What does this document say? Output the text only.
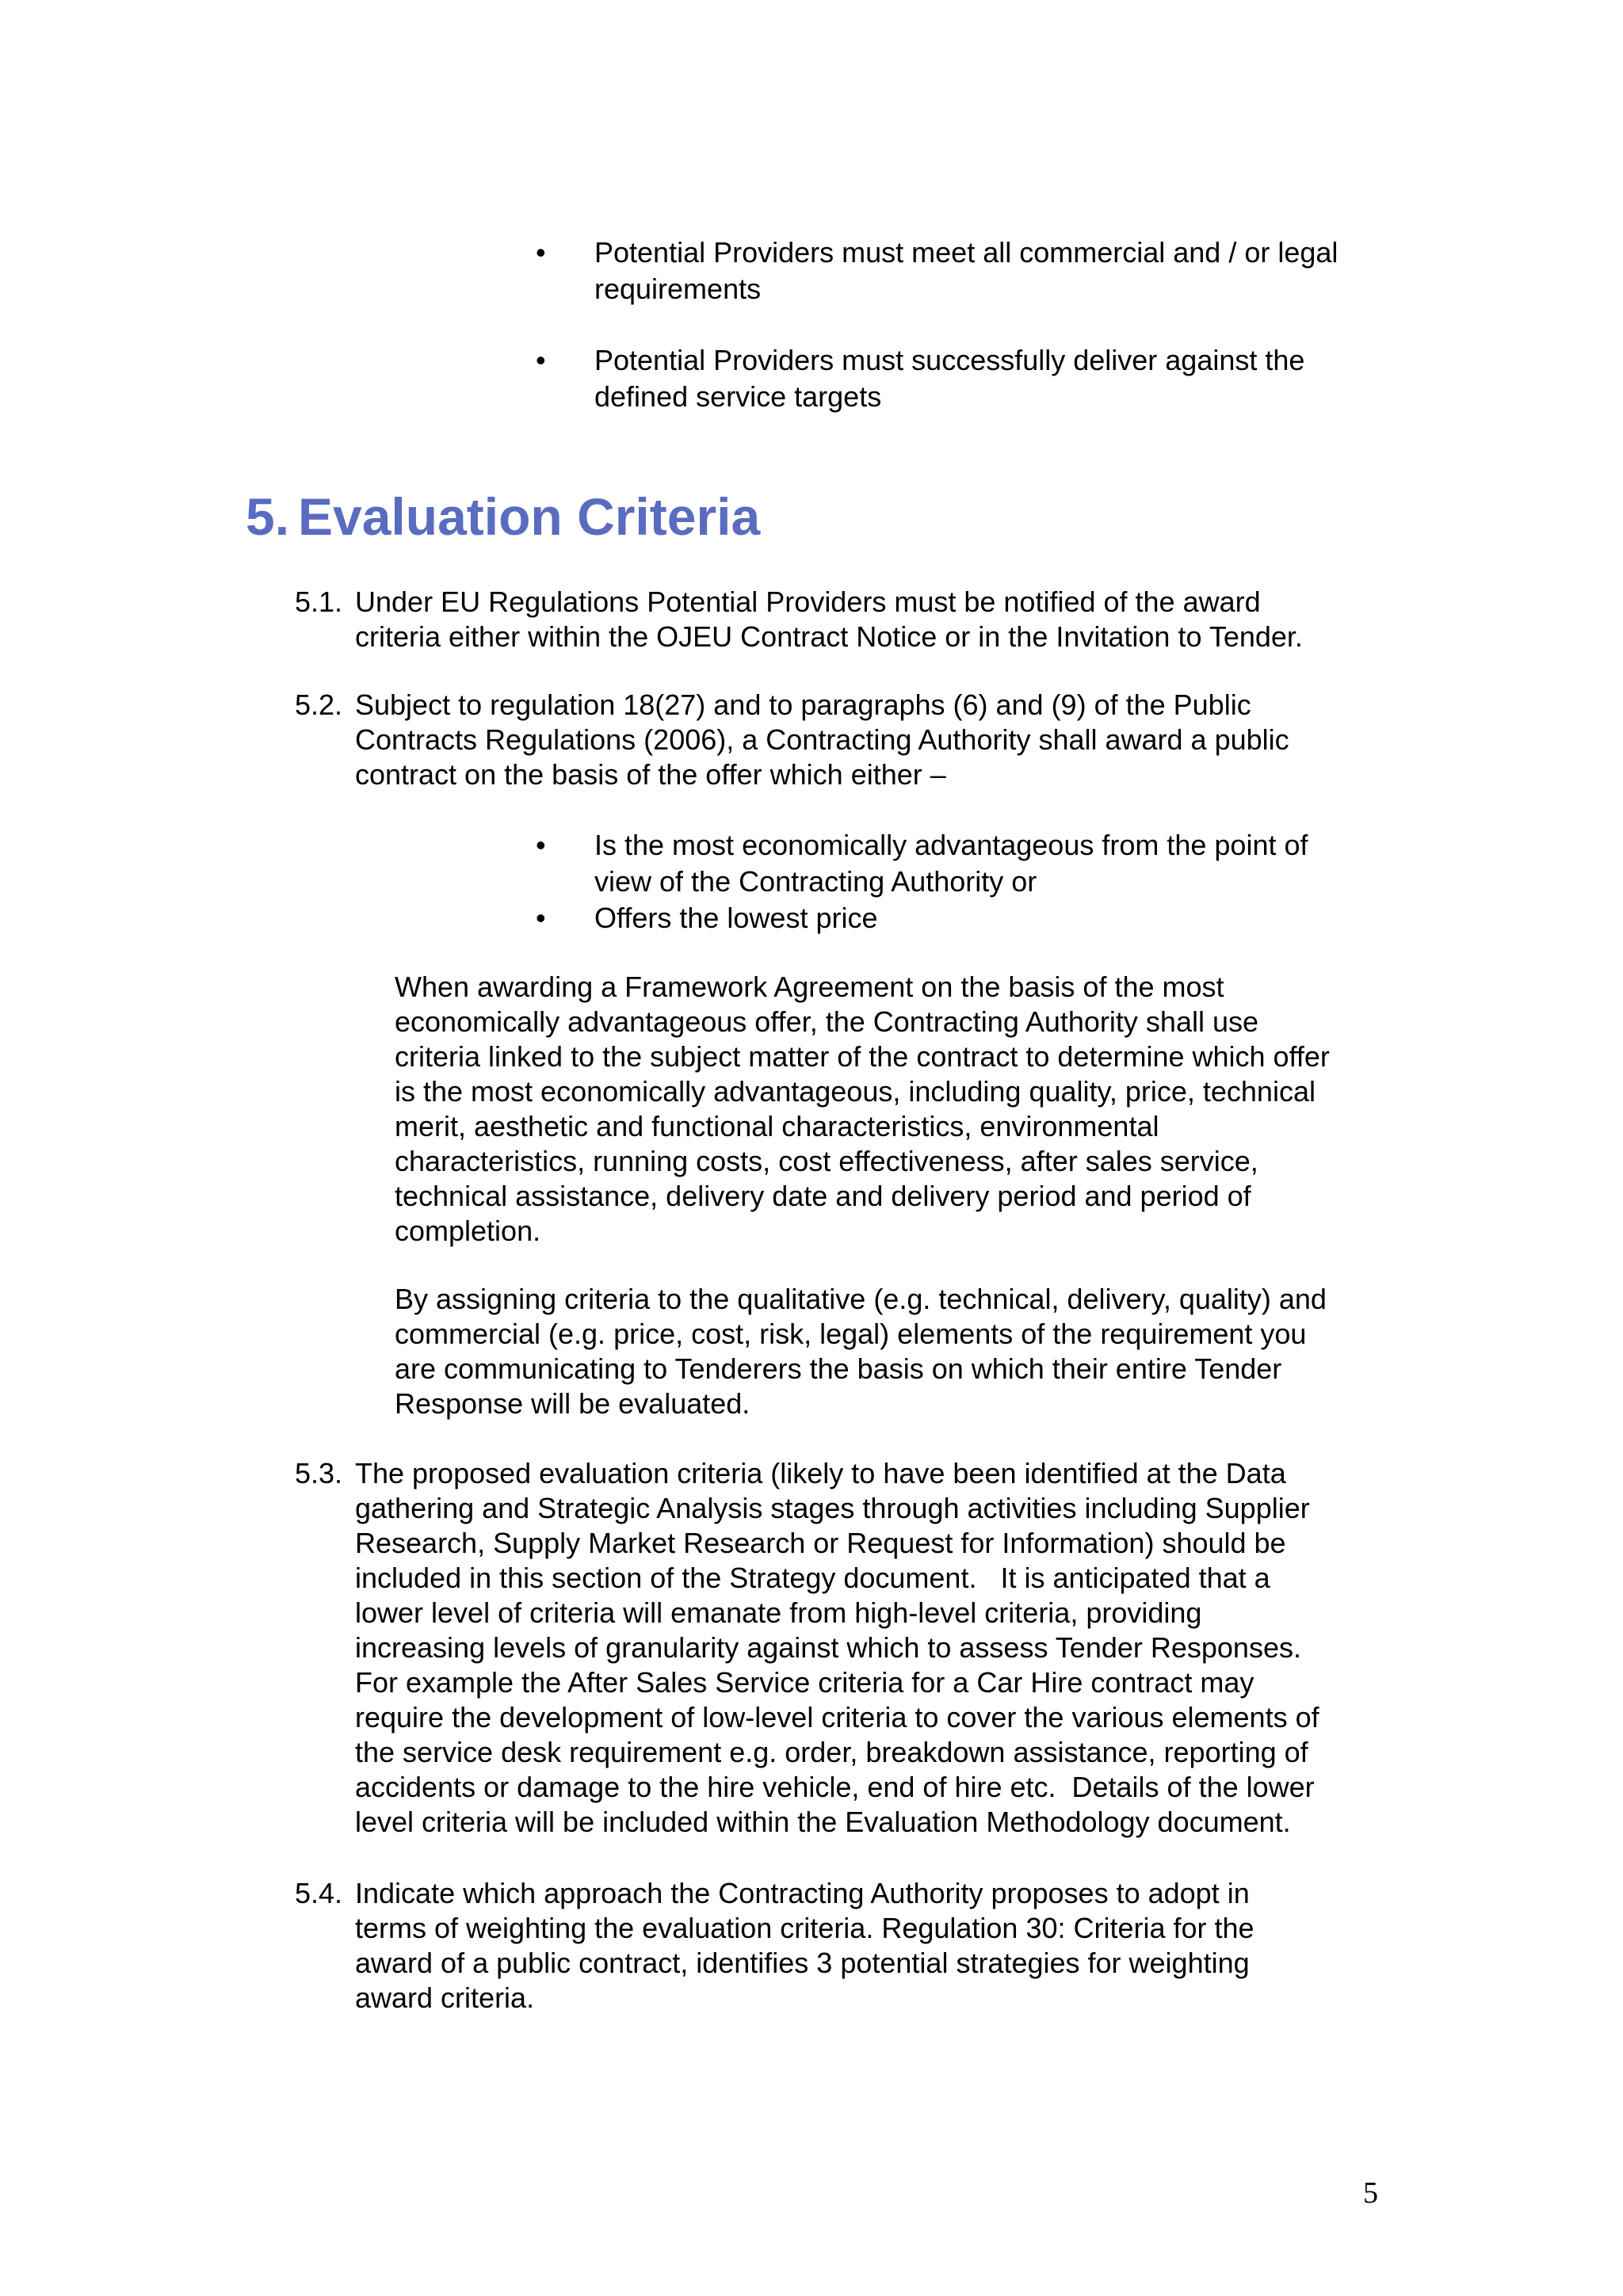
•	Potential Providers must meet all commercial and / or legal
requirements
•	Potential Providers must successfully deliver against the
defined service targets
5. Evaluation Criteria
5.1. Under EU Regulations Potential Providers must be notified of the award
criteria either within the OJEU Contract Notice or in the Invitation to Tender.
5.2. Subject to regulation 18(27) and to paragraphs (6) and (9) of the Public
Contracts Regulations (2006), a Contracting Authority shall award a public
contract on the basis of the offer which either –
•	Is the most economically advantageous from the point of
view of the Contracting Authority or
•	Offers the lowest price
When awarding a Framework Agreement on the basis of the most
economically advantageous offer, the Contracting Authority shall use
criteria linked to the subject matter of the contract to determine which offer
is the most economically advantageous, including quality, price, technical
merit, aesthetic and functional characteristics, environmental
characteristics, running costs, cost effectiveness, after sales service,
technical assistance, delivery date and delivery period and period of
completion.
By assigning criteria to the qualitative (e.g. technical, delivery, quality) and
commercial (e.g. price, cost, risk, legal) elements of the requirement you
are communicating to Tenderers the basis on which their entire Tender
Response will be evaluated.
5.3. The proposed evaluation criteria (likely to have been identified at the Data
gathering and Strategic Analysis stages through activities including Supplier
Research, Supply Market Research or Request for Information) should be
included in this section of the Strategy document.   It is anticipated that a
lower level of criteria will emanate from high-level criteria, providing
increasing levels of granularity against which to assess Tender Responses.
For example the After Sales Service criteria for a Car Hire contract may
require the development of low-level criteria to cover the various elements of
the service desk requirement e.g. order, breakdown assistance, reporting of
accidents or damage to the hire vehicle, end of hire etc.  Details of the lower
level criteria will be included within the Evaluation Methodology document.
5.4. Indicate which approach the Contracting Authority proposes to adopt in
terms of weighting the evaluation criteria. Regulation 30: Criteria for the
award of a public contract, identifies 3 potential strategies for weighting
award criteria.
5
